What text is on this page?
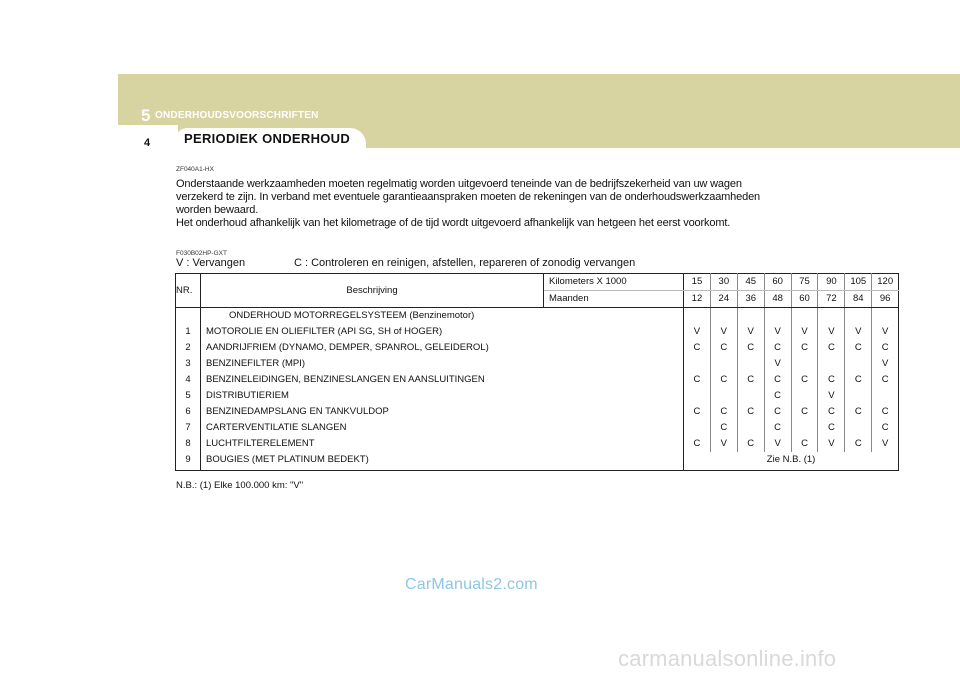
5 ONDERHOUDSVOORSCHRIFTEN
4	PERIODIEK ONDERHOUD
ZF040A1-HX
Onderstaande werkzaamheden moeten regelmatig worden uitgevoerd teneinde van de bedrijfszekerheid van uw wagen verzekerd te zijn. In verband met eventuele garantieaanspraken moeten de rekeningen van de onderhoudswerkzaamheden worden bewaard.
Het onderhoud afhankelijk van het kilometrage of de tijd wordt uitgevoerd afhankelijk van hetgeen het eerst voorkomt.
F030B02HP-GXT
V : Vervangen	C : Controleren en reinigen, afstellen, repareren of zonodig vervangen
NR.	Beschrijving	Kilometers X 1000	15	30	45	60	75	90	105	120
		Maanden	12	24	36	48	60	72	84	96
	ONDERHOUD MOTORREGELSYSTEEM (Benzinemotor)									
1	MOTOROLIE EN OLIEFILTER (API SG, SH of HOGER)		V	V	V	V	V	V	V	V
2	AANDRIJFRIEM (DYNAMO, DEMPER, SPANROL, GELEIDEROL)		C	C	C	C	C	C	C	C
3	BENZINEFILTER (MPI)					V				V
4	BENZINELEIDINGEN, BENZINESLANGEN EN AANSLUITINGEN		C	C	C	C	C	C	C	C
5	DISTRIBUTIERIEM					C		V		
6	BENZINEDAMPSLANG EN TANKVULDOP		C	C	C	C	C	C	C	C
7	CARTERVENTILATIE SLANGEN			C		C		C		C
8	LUCHTFILTERELEMENT		C	V	C	V	C	V	C	V
9	BOUGIES (MET PLATINUM BEDEKT)		Zie N.B. (1)							
N.B.: (1) Elke 100.000 km: "V"
CarManuals2.com
carmanualsonline.info
